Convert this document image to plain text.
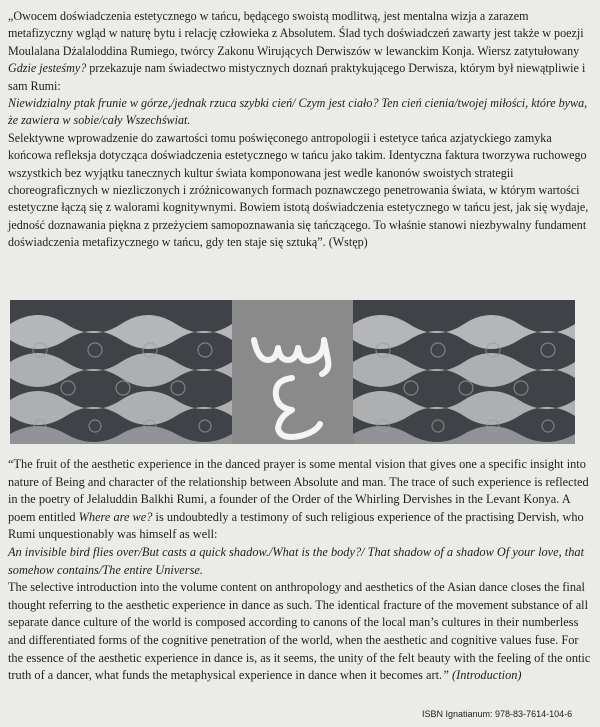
„Owocem doświadczenia estetycznego w tańcu, będącego swoistą modlitwą, jest mentalna wizja a zarazem metafizyczny wgląd w naturę bytu i relację człowieka z Absolutem. Ślad tych doświadczeń zawarty jest także w poezji Moulalana Dżalaloddina Rumiego, twórcy Zakonu Wirujących Derwiszów w lewanckim Konja. Wiersz zatytułowany Gdzie jesteśmy? przekazuje nam świadectwo mistycznych doznań praktykującego Derwisza, którym był niewątpliwie i sam Rumi:

Niewidzialny ptak frunie w górze,/jednak rzuca szybki cień/ Czym jest ciało? Ten cień cienia/twojej miłości, które bywa, że zawiera w sobie/cały Wszechświat.

Selektywne wprowadzenie do zawartości tomu poświęconego antropologii i estetyce tańca azjatyckiego zamyka końcowa refleksja dotycząca doświadczenia estetycznego w tańcu jako takim. Identyczna faktura tworzywa ruchowego wszystkich bez wyjątku tanecznych kultur świata komponowana jest wedle kanonów swoistych strategii choreograficznych w niezliczonych i zróżnicowanych formach poznawczego penetrowania świata, w którym wartości estetyczne łączą się z walorami kognitywnymi. Bowiem istotą doświadczenia estetycznego w tańcu jest, jak się wydaje, jedność doznawania piękna z przeżyciem samopoznawania się tańczącego. To właśnie stanowi niezbywalny fundament doświadczenia metafizycznego w tańcu, gdy ten staje się sztuką”. (Wstęp)

“The fruit of the aesthetic experience in the danced prayer is some mental vision that gives one a specific insight into nature of Being and character of the relationship between Absolute and man. The trace of such experience is reflected in the poetry of Jelaluddin Balkhi Rumi, a founder of the Order of the Whirling Dervishes in the Levant Konya. A poem entitled Where are we? is undoubtedly a testimony of such religious experience of the practising Dervish, who Rumi unquestionably was himself as well:

An invisible bird flies over/But casts a quick shadow./What is the body?/ That shadow of a shadow Of your love, that somehow contains/The entire Universe.

The selective introduction into the volume content on anthropology and aesthetics of the Asian dance closes the final thought referring to the aesthetic experience in dance as such. The identical fracture of the movement substance of all separate dance culture of the world is composed according to canons of the local man’s cultures in their numberless and differentiated forms of the cognitive penetration of the world, when the aesthetic and cognitive values fuse. For the essence of the aesthetic experience in dance is, as it seems, the unity of the felt beauty with the feeling of the ontic truth of a dancer, what funds the metaphysical experience in dance when it becomes art.” (Introduction)

ISBN Ignatianum: 978-83-7614-104-6
